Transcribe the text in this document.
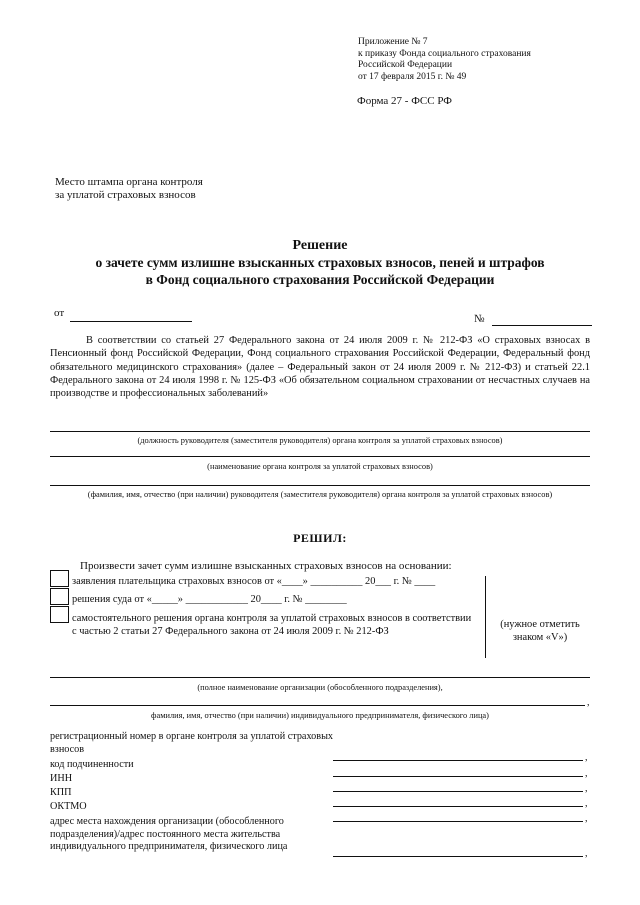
Приложение № 7
к приказу Фонда социального страхования
Российской Федерации
от 17 февраля 2015 г. № 49
Форма 27 - ФСС РФ
Место штампа органа контроля
за уплатой страховых взносов
Решение
о зачете сумм излишне взысканных страховых взносов, пеней и штрафов
в Фонд социального страхования Российской Федерации
от	№
В соответствии со статьей 27 Федерального закона от 24 июля 2009 г. № 212-ФЗ «О страховых взносах в Пенсионный фонд Российской Федерации, Фонд социального страхования Российской Федерации, Федеральный фонд обязательного медицинского страхования» (далее – Федеральный закон от 24 июля 2009 г. № 212-ФЗ) и статьей 22.1 Федерального закона от 24 июля 1998 г. № 125-ФЗ «Об обязательном социальном страховании от несчастных случаев на производстве и профессиональных заболеваний»
(должность руководителя (заместителя руководителя) органа контроля за уплатой страховых взносов)
(наименование органа контроля за уплатой страховых взносов)
(фамилия, имя, отчество (при наличии) руководителя (заместителя руководителя) органа контроля за уплатой страховых взносов)
РЕШИЛ:
Произвести зачет сумм излишне взысканных страховых взносов на основании:
заявления плательщика страховых взносов от «____» __________ 20___ г. № ____
решения суда от «_____» ____________ 20____ г. № ________
самостоятельного решения органа контроля за уплатой страховых взносов в соответствии с частью 2 статьи 27 Федерального закона от 24 июля 2009 г. № 212-ФЗ
(нужное отметить знаком «V»)
(полное наименование организации (обособленного подразделения),
,
фамилия, имя, отчество (при наличии) индивидуального предпринимателя, физического лица)
регистрационный номер в органе контроля за уплатой страховых взносов
,
код подчиненности
,
ИНН
,
КПП
,
ОКТМО
,
адрес места нахождения организации (обособленного подразделения)/адрес постоянного места жительства индивидуального предпринимателя, физического лица
,
